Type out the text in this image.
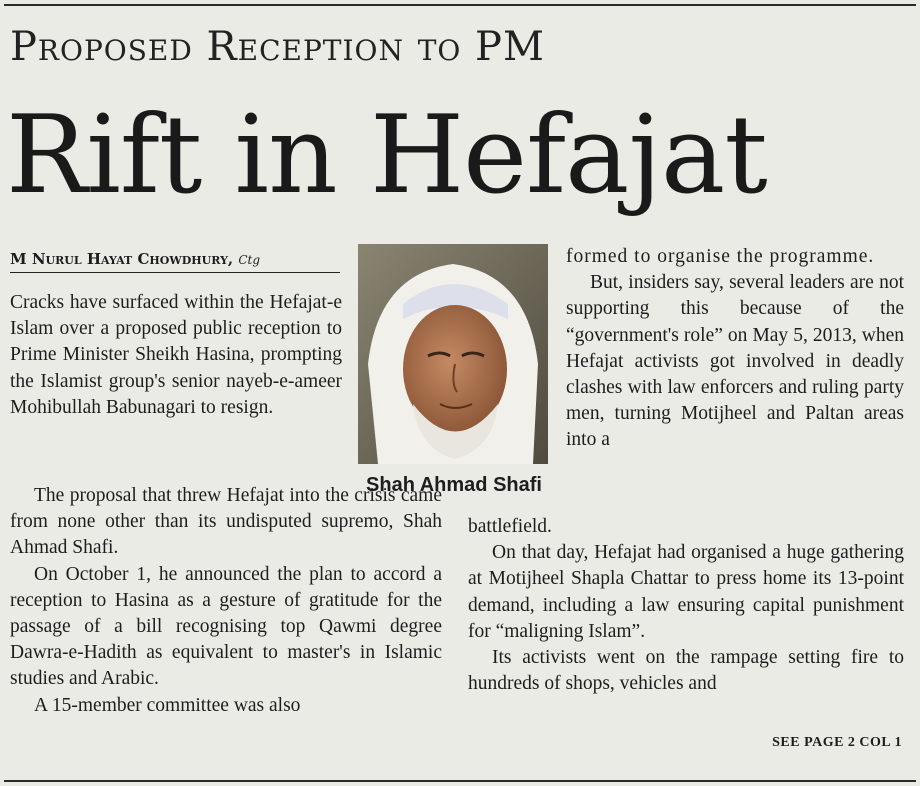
Proposed Reception to PM
Rift in Hefajat
M Nurul Hayat Chowdhury, Ctg

Cracks have surfaced within the Hefajat-e Islam over a proposed public reception to Prime Minister Sheikh Hasina, prompting the Islamist group's senior nayeb-e-ameer Mohibullah Babunagari to resign.

The proposal that threw Hefajat into the crisis came from none other than its undisputed supremo, Shah Ahmad Shafi.

On October 1, he announced the plan to accord a reception to Hasina as a gesture of gratitude for the passage of a bill recognising top Qawmi degree Dawra-e-Hadith as equivalent to master's in Islamic studies and Arabic.

A 15-member committee was also

Shah Ahmad Shafi

formed to organise the programme.

But, insiders say, several leaders are not supporting this because of the “government's role” on May 5, 2013, when Hefajat activists got involved in deadly clashes with law enforcers and ruling party men, turning Motijheel and Paltan areas into a

battlefield.

On that day, Hefajat had organised a huge gathering at Motijheel Shapla Chattar to press home its 13-point demand, including a law ensuring capital punishment for “maligning Islam”.

Its activists went on the rampage setting fire to hundreds of shops, vehicles and

SEE PAGE 2 COL 1
